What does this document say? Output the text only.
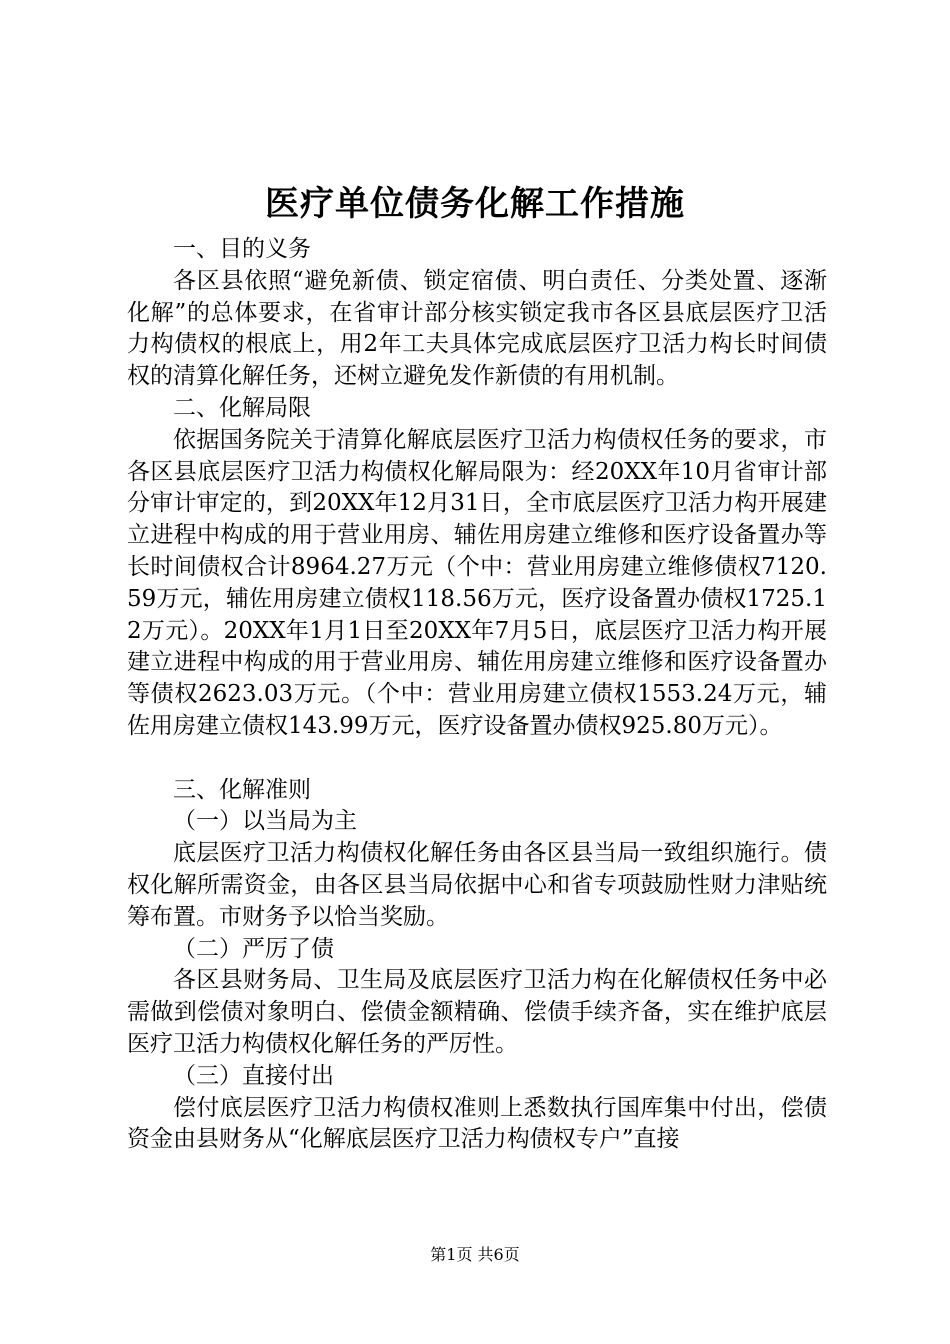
医疗单位债务化解工作措施

一、目的义务

各区县依照“避免新债、锁定宿债、明白责任、分类处置、逐渐化解”的总体要求，在省审计部分核实锁定我市各区县底层医疗卫活力构债权的根底上，用2年工夫具体完成底层医疗卫活力构长时间债权的清算化解任务，还树立避免发作新债的有用机制。

二、化解局限

依据国务院关于清算化解底层医疗卫活力构债权任务的要求，市各区县底层医疗卫活力构债权化解局限为：经20XX年10月省审计部分审计审定的，到20XX年12月31日，全市底层医疗卫活力构开展建立进程中构成的用于营业用房、辅佐用房建立维修和医疗设备置办等长时间债权合计8964.27万元（个中：营业用房建立维修债权7120.59万元，辅佐用房建立债权118.56万元，医疗设备置办债权1725.12万元）。20XX年1月1日至20XX年7月5日，底层医疗卫活力构开展建立进程中构成的用于营业用房、辅佐用房建立维修和医疗设备置办等债权2623.03万元。（个中：营业用房建立债权1553.24万元，辅佐用房建立债权143.99万元，医疗设备置办债权925.80万元）。

三、化解准则

（一）以当局为主

底层医疗卫活力构债权化解任务由各区县当局一致组织施行。债权化解所需资金，由各区县当局依据中心和省专项鼓励性财力津贴统筹布置。市财务予以恰当奖励。

（二）严厉了债

各区县财务局、卫生局及底层医疗卫活力构在化解债权任务中必需做到偿债对象明白、偿债金额精确、偿债手续齐备，实在维护底层医疗卫活力构债权化解任务的严厉性。

（三）直接付出

偿付底层医疗卫活力构债权准则上悉数执行国库集中付出，偿债资金由县财务从“化解底层医疗卫活力构债权专户”直接

第1页 共6页
